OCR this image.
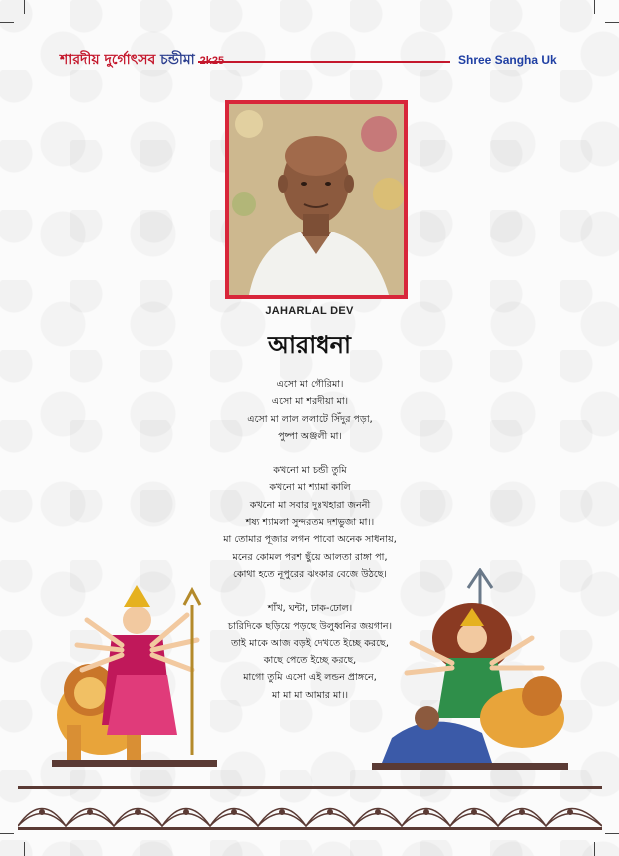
শারদীয় দুর্গোৎসব চন্ডীমা	Shree Sangha Uk
JAHARLAL DEV
আরাধনা
এসো মা গৌরিমা।
এসো মা শরদীয়া মা।
এসো মা লাল ললাটে সিঁদুর পড়া,
পুষ্পা অঞ্জলী মা।
কখনো মা চন্ডী তুমি
কখনো মা শ্যামা কালি
কখনো মা সবার দুঃখহারা জননী
শষ্য শ্যামলা সুন্দরতম দশভুজা মা।।
মা তোমার পূজার লগন পাবো অনেক সাধনায়,
মনের কোমল পরশ ছুঁয়ে আলতা রাঙ্গা পা,
কোথা হতে নূপুরের ঝংকার বেজে উঠছে।
শাঁখ, ঘন্টা, ঢাক-ঢোল।
চারিদিকে ছড়িয়ে পড়ছে উলুধ্বনির জয়গান।
তাই মাকে আজ বড়ই দেখতে ইচ্ছে করছে,
কাছে পেতে ইচ্ছে করছে,
মাগো তুমি এসো এই লন্ডন প্রাঙ্গনে,
মা মা মা আমার মা।।
